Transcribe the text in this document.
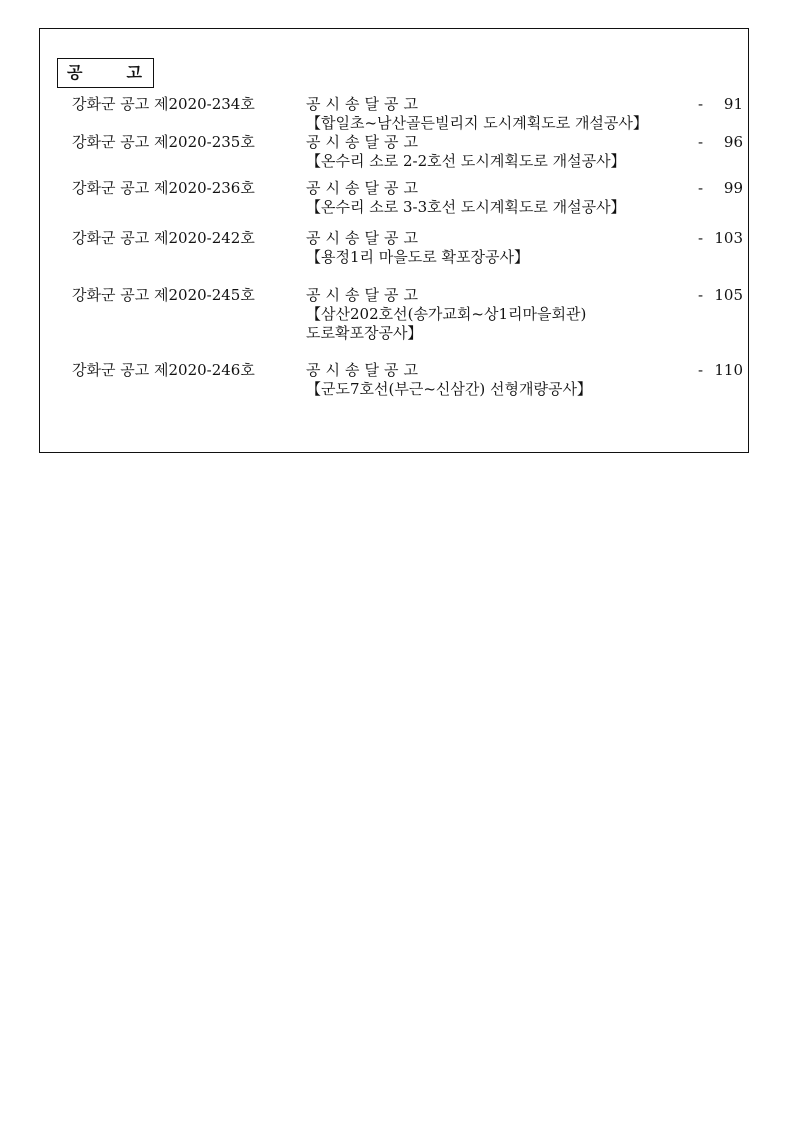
공고
강화군 공고 제2020-234호	공시송달공고	- 91
【합일초~남산골든빌리지 도시계획도로 개설공사】
강화군 공고 제2020-235호	공시송달공고	- 96
【온수리 소로 2-2호선 도시계획도로 개설공사】
강화군 공고 제2020-236호	공시송달공고	- 99
【온수리 소로 3-3호선 도시계획도로 개설공사】
강화군 공고 제2020-242호	공시송달공고	- 103
【용정1리 마을도로 확포장공사】
강화군 공고 제2020-245호	공시송달공고	- 105
【삼산202호선(송가교회~상1리마을회관)
도로확포장공사】
강화군 공고 제2020-246호	공시송달공고	- 110
【군도7호선(부근~신삼간) 선형개량공사】
